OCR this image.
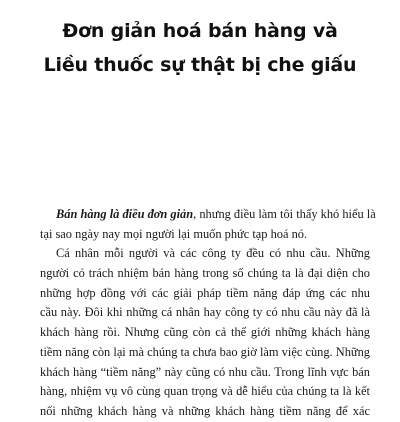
Đơn giản hoá bán hàng và
Liều thuốc sự thật bị che giấu
Bán hàng là điều đơn giản, nhưng điều làm tôi thấy khó hiểu là
tại sao ngày nay mọi người lại muốn phức tạp hoá nó.
Cá nhân mỗi người và các công ty đều có nhu cầu. Những
người có trách nhiệm bán hàng trong số chúng ta là đại diện cho
những hợp đồng với các giải pháp tiềm năng đáp ứng các nhu
cầu này. Đôi khi những cá nhân hay công ty có nhu cầu này đã là
khách hàng rồi. Nhưng cũng còn cả thế giới những khách hàng
tiềm năng còn lại mà chúng ta chưa bao giờ làm việc cùng. Những
khách hàng “tiềm năng” này cũng có nhu cầu. Trong lĩnh vực bán
hàng, nhiệm vụ vô cùng quan trọng và dễ hiểu của chúng ta là kết
nối những khách hàng và những khách hàng tiềm năng để xác
